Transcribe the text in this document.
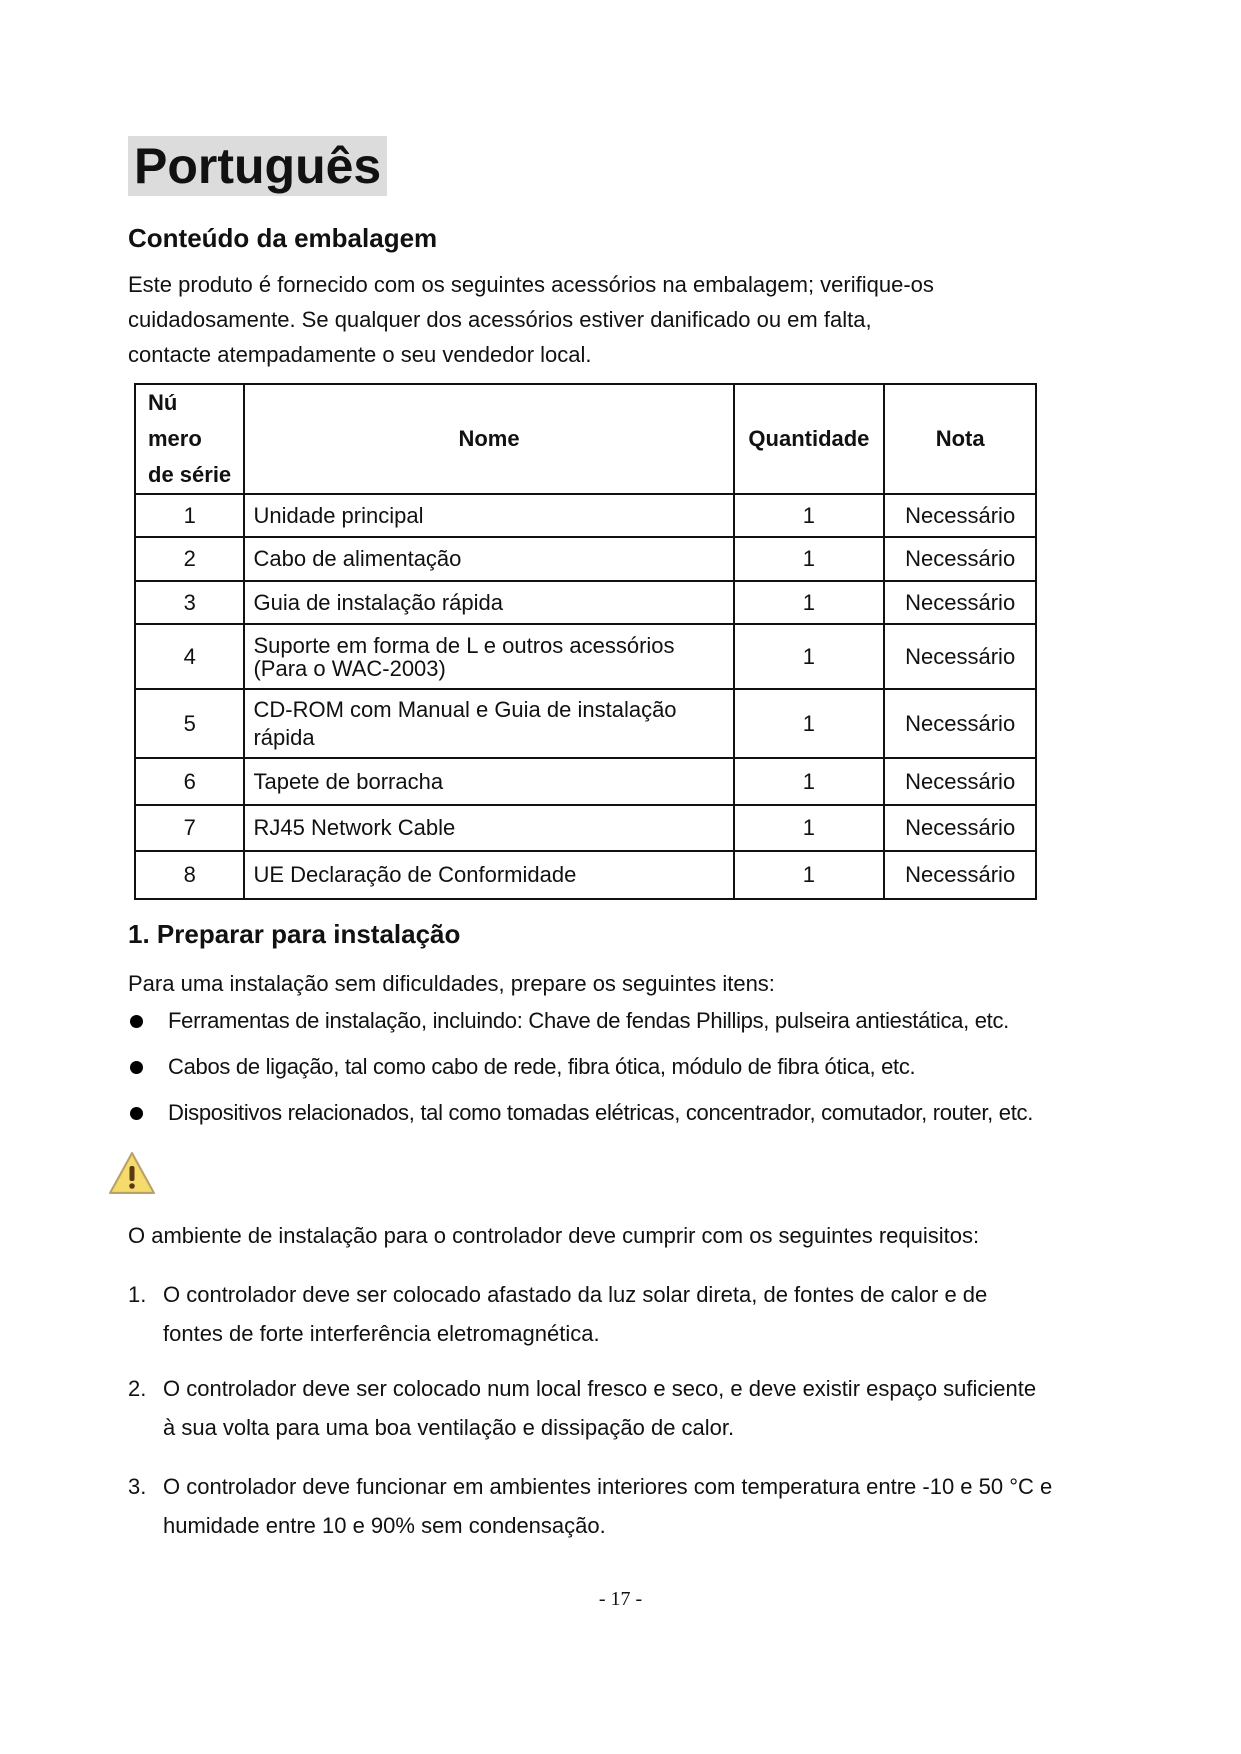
Português
Conteúdo da embalagem
Este produto é fornecido com os seguintes acessórios na embalagem; verifique-os
cuidadosamente. Se qualquer dos acessórios estiver danificado ou em falta,
contacte atempadamente o seu vendedor local.
Nú mero
de série	Nome	Quantidade	Nota
1	Unidade principal	1	Necessário
2	Cabo de alimentação	1	Necessário
3	Guia de instalação rápida	1	Necessário
4	Suporte em forma de L e outros acessórios
(Para o WAC-2003)	1	Necessário
5	CD-ROM com Manual e Guia de instalação
rápida	1	Necessário
6	Tapete de borracha	1	Necessário
7	RJ45 Network Cable	1	Necessário
8	UE Declaração de Conformidade	1	Necessário
1. Preparar para instalação
Para uma instalação sem dificuldades, prepare os seguintes itens:
Ferramentas de instalação, incluindo: Chave de fendas Phillips, pulseira antiestática, etc.
Cabos de ligação, tal como cabo de rede, fibra ótica, módulo de fibra ótica, etc.
Dispositivos relacionados, tal como tomadas elétricas, concentrador, comutador, router, etc.
O ambiente de instalação para o controlador deve cumprir com os seguintes requisitos:
1. O controlador deve ser colocado afastado da luz solar direta, de fontes de calor e de
fontes de forte interferência eletromagnética.
2. O controlador deve ser colocado num local fresco e seco, e deve existir espaço suficiente
à sua volta para uma boa ventilação e dissipação de calor.
3. O controlador deve funcionar em ambientes interiores com temperatura entre -10 e 50 °C e
humidade entre 10 e 90% sem condensação.
- 17 -
